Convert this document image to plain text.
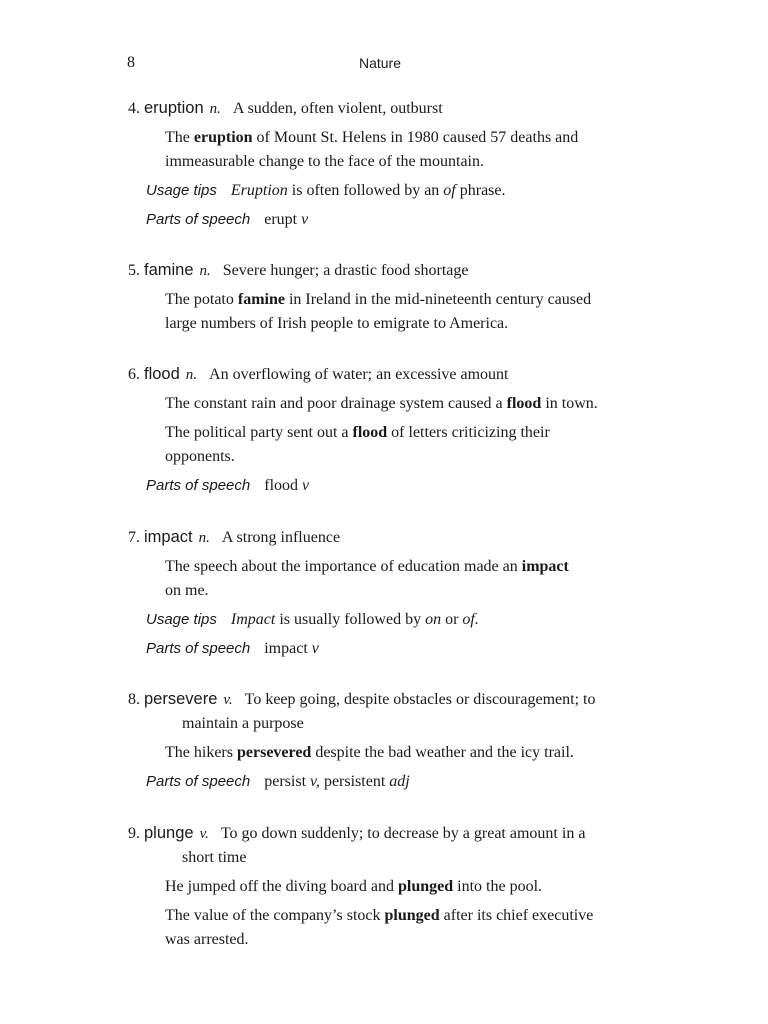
8	Nature
4. eruption n. A sudden, often violent, outburst
The eruption of Mount St. Helens in 1980 caused 57 deaths and
immeasurable change to the face of the mountain.
Usage tips Eruption is often followed by an of phrase.
Parts of speech erupt v
5. famine n. Severe hunger; a drastic food shortage
The potato famine in Ireland in the mid-nineteenth century caused
large numbers of Irish people to emigrate to America.
6. flood n. An overflowing of water; an excessive amount
The constant rain and poor drainage system caused a flood in town.
The political party sent out a flood of letters criticizing their
opponents.
Parts of speech flood v
7. impact n. A strong influence
The speech about the importance of education made an impact
on me.
Usage tips Impact is usually followed by on or of.
Parts of speech impact v
8. persevere v. To keep going, despite obstacles or discouragement; to
maintain a purpose
The hikers persevered despite the bad weather and the icy trail.
Parts of speech persist v, persistent adj
9. plunge v. To go down suddenly; to decrease by a great amount in a
short time
He jumped off the diving board and plunged into the pool.
The value of the company’s stock plunged after its chief executive
was arrested.
